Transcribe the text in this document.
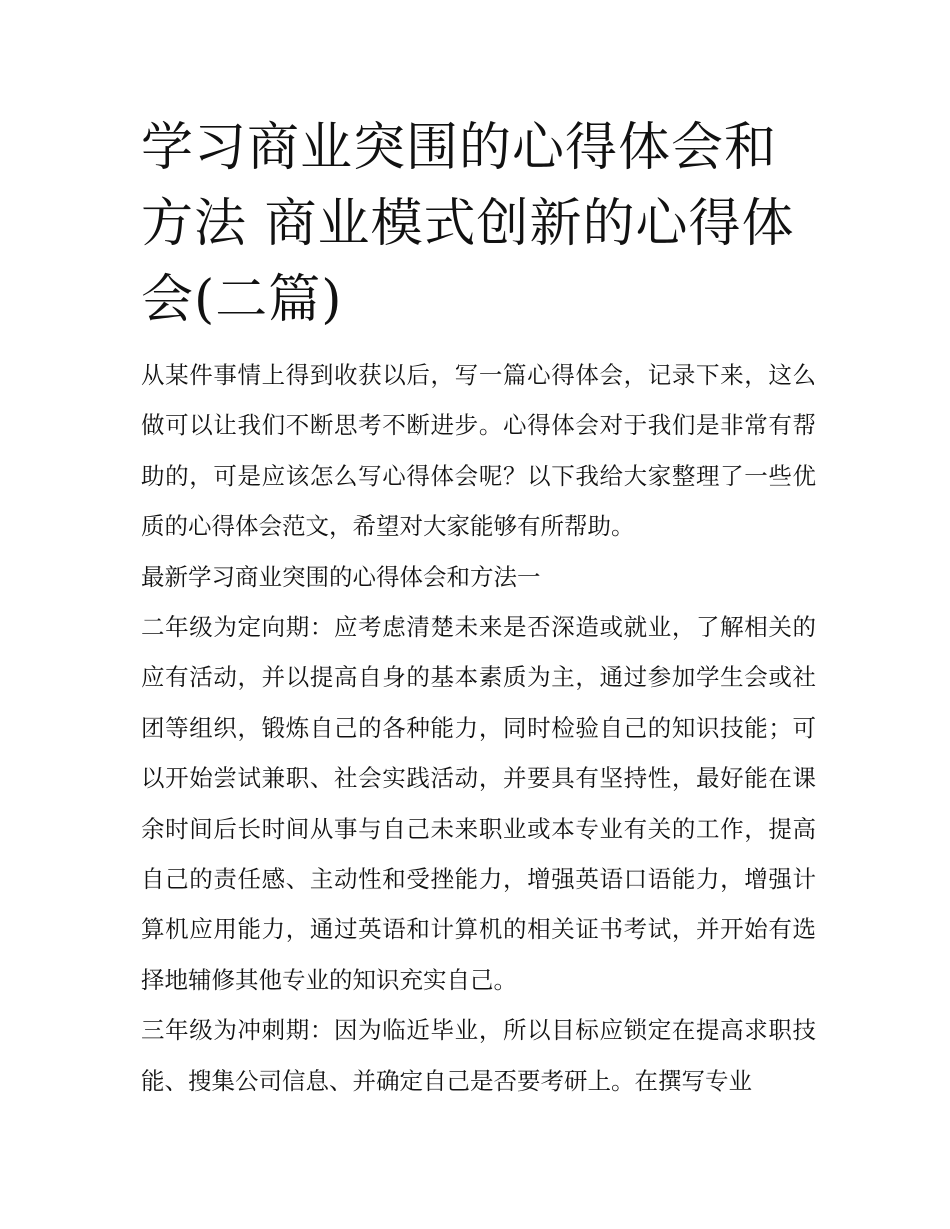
学习商业突围的心得体会和方法 商业模式创新的心得体会(二篇)

从某件事情上得到收获以后，写一篇心得体会，记录下来，这么做可以让我们不断思考不断进步。心得体会对于我们是非常有帮助的，可是应该怎么写心得体会呢？以下我给大家整理了一些优质的心得体会范文，希望对大家能够有所帮助。

最新学习商业突围的心得体会和方法一

二年级为定向期：应考虑清楚未来是否深造或就业，了解相关的应有活动，并以提高自身的基本素质为主，通过参加学生会或社团等组织，锻炼自己的各种能力，同时检验自己的知识技能；可以开始尝试兼职、社会实践活动，并要具有坚持性，最好能在课余时间后长时间从事与自己未来职业或本专业有关的工作，提高自己的责任感、主动性和受挫能力，增强英语口语能力，增强计算机应用能力，通过英语和计算机的相关证书考试，并开始有选择地辅修其他专业的知识充实自己。

三年级为冲刺期：因为临近毕业，所以目标应锁定在提高求职技能、搜集公司信息、并确定自己是否要考研上。在撰写专业
